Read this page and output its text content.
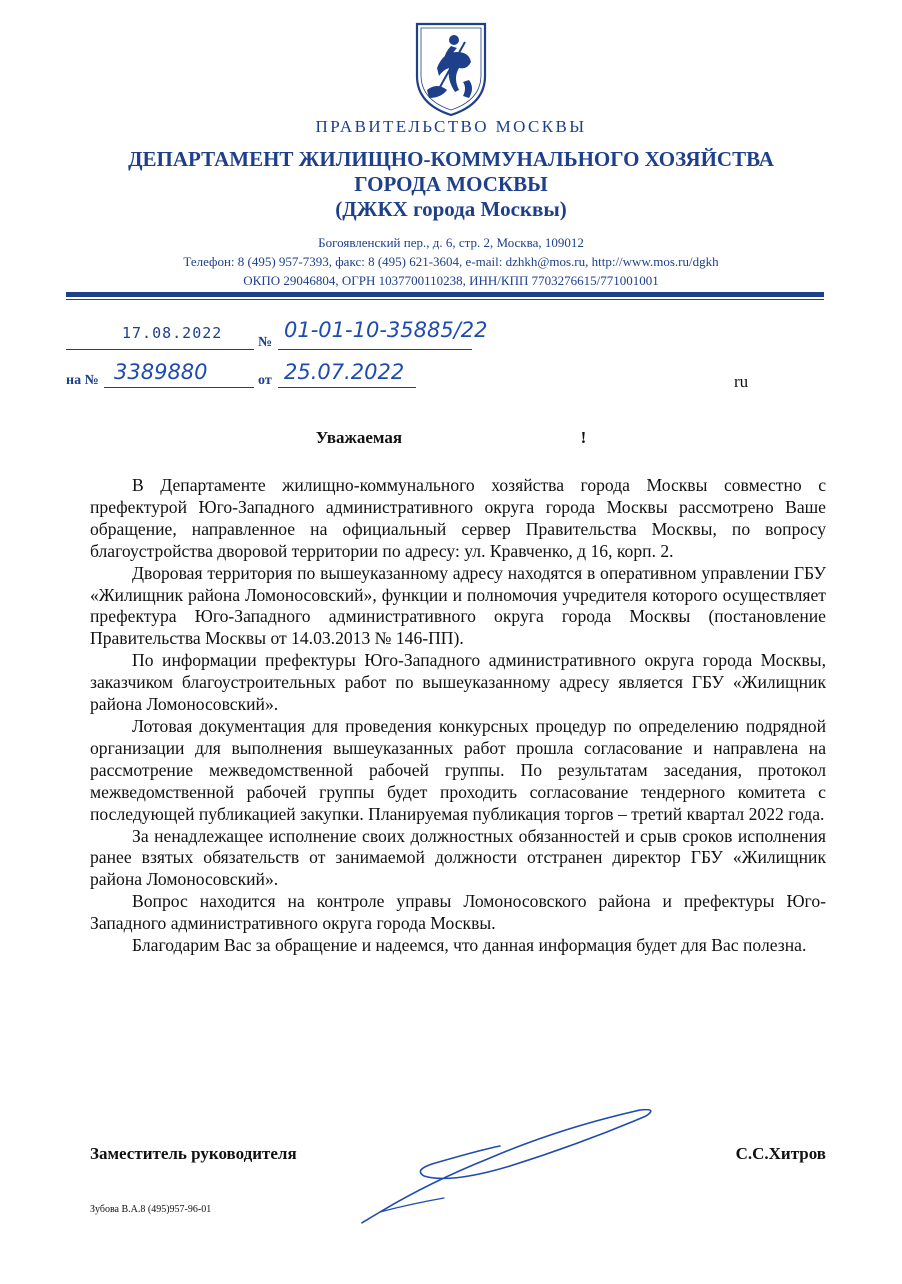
ПРАВИТЕЛЬСТВО МОСКВЫ
ДЕПАРТАМЕНТ ЖИЛИЩНО-КОММУНАЛЬНОГО ХОЗЯЙСТВА
ГОРОДА МОСКВЫ
(ДЖКХ города Москвы)
Богоявленский пер., д. 6, стр. 2, Москва, 109012
Телефон: 8 (495) 957-7393, факс: 8 (495) 621-3604, e-mail: dzhkh@mos.ru, http://www.mos.ru/dgkh
ОКПО 29046804, ОГРН 1037700110238, ИНН/КПП 7703276615/771001001
17.08.2022
№
01-01-10-35885/22
на № 3389880	от 25.07.2022	ru
Уважаемая	!

В Департаменте жилищно-коммунального хозяйства города Москвы совместно с префектурой Юго-Западного административного округа города Москвы рассмотрено Ваше обращение, направленное на официальный сервер Правительства Москвы, по вопросу благоустройства дворовой территории по адресу: ул. Кравченко, д 16, корп. 2.

Дворовая территория по вышеуказанному адресу находятся в оперативном управлении ГБУ «Жилищник района Ломоносовский», функции и полномочия учредителя которого осуществляет префектура Юго-Западного административного округа города Москвы (постановление Правительства Москвы от 14.03.2013 № 146-ПП).

По информации префектуры Юго-Западного административного округа города Москвы, заказчиком благоустроительных работ по вышеуказанному адресу является ГБУ «Жилищник района Ломоносовский».

Лотовая документация для проведения конкурсных процедур по определению подрядной организации для выполнения вышеуказанных работ прошла согласование и направлена на рассмотрение межведомственной рабочей группы. По результатам заседания, протокол межведомственной рабочей группы будет проходить согласование тендерного комитета с последующей публикацией закупки. Планируемая публикация торгов – третий квартал 2022 года.

За ненадлежащее исполнение своих должностных обязанностей и срыв сроков исполнения ранее взятых обязательств от занимаемой должности отстранен директор ГБУ «Жилищник района Ломоносовский».

Вопрос находится на контроле управы Ломоносовского района и префектуры Юго-Западного административного округа города Москвы.

Благодарим Вас за обращение и надеемся, что данная информация будет для Вас полезна.

Заместитель руководителя	С.С.Хитров
Зубова В.А.8 (495)957-96-01
